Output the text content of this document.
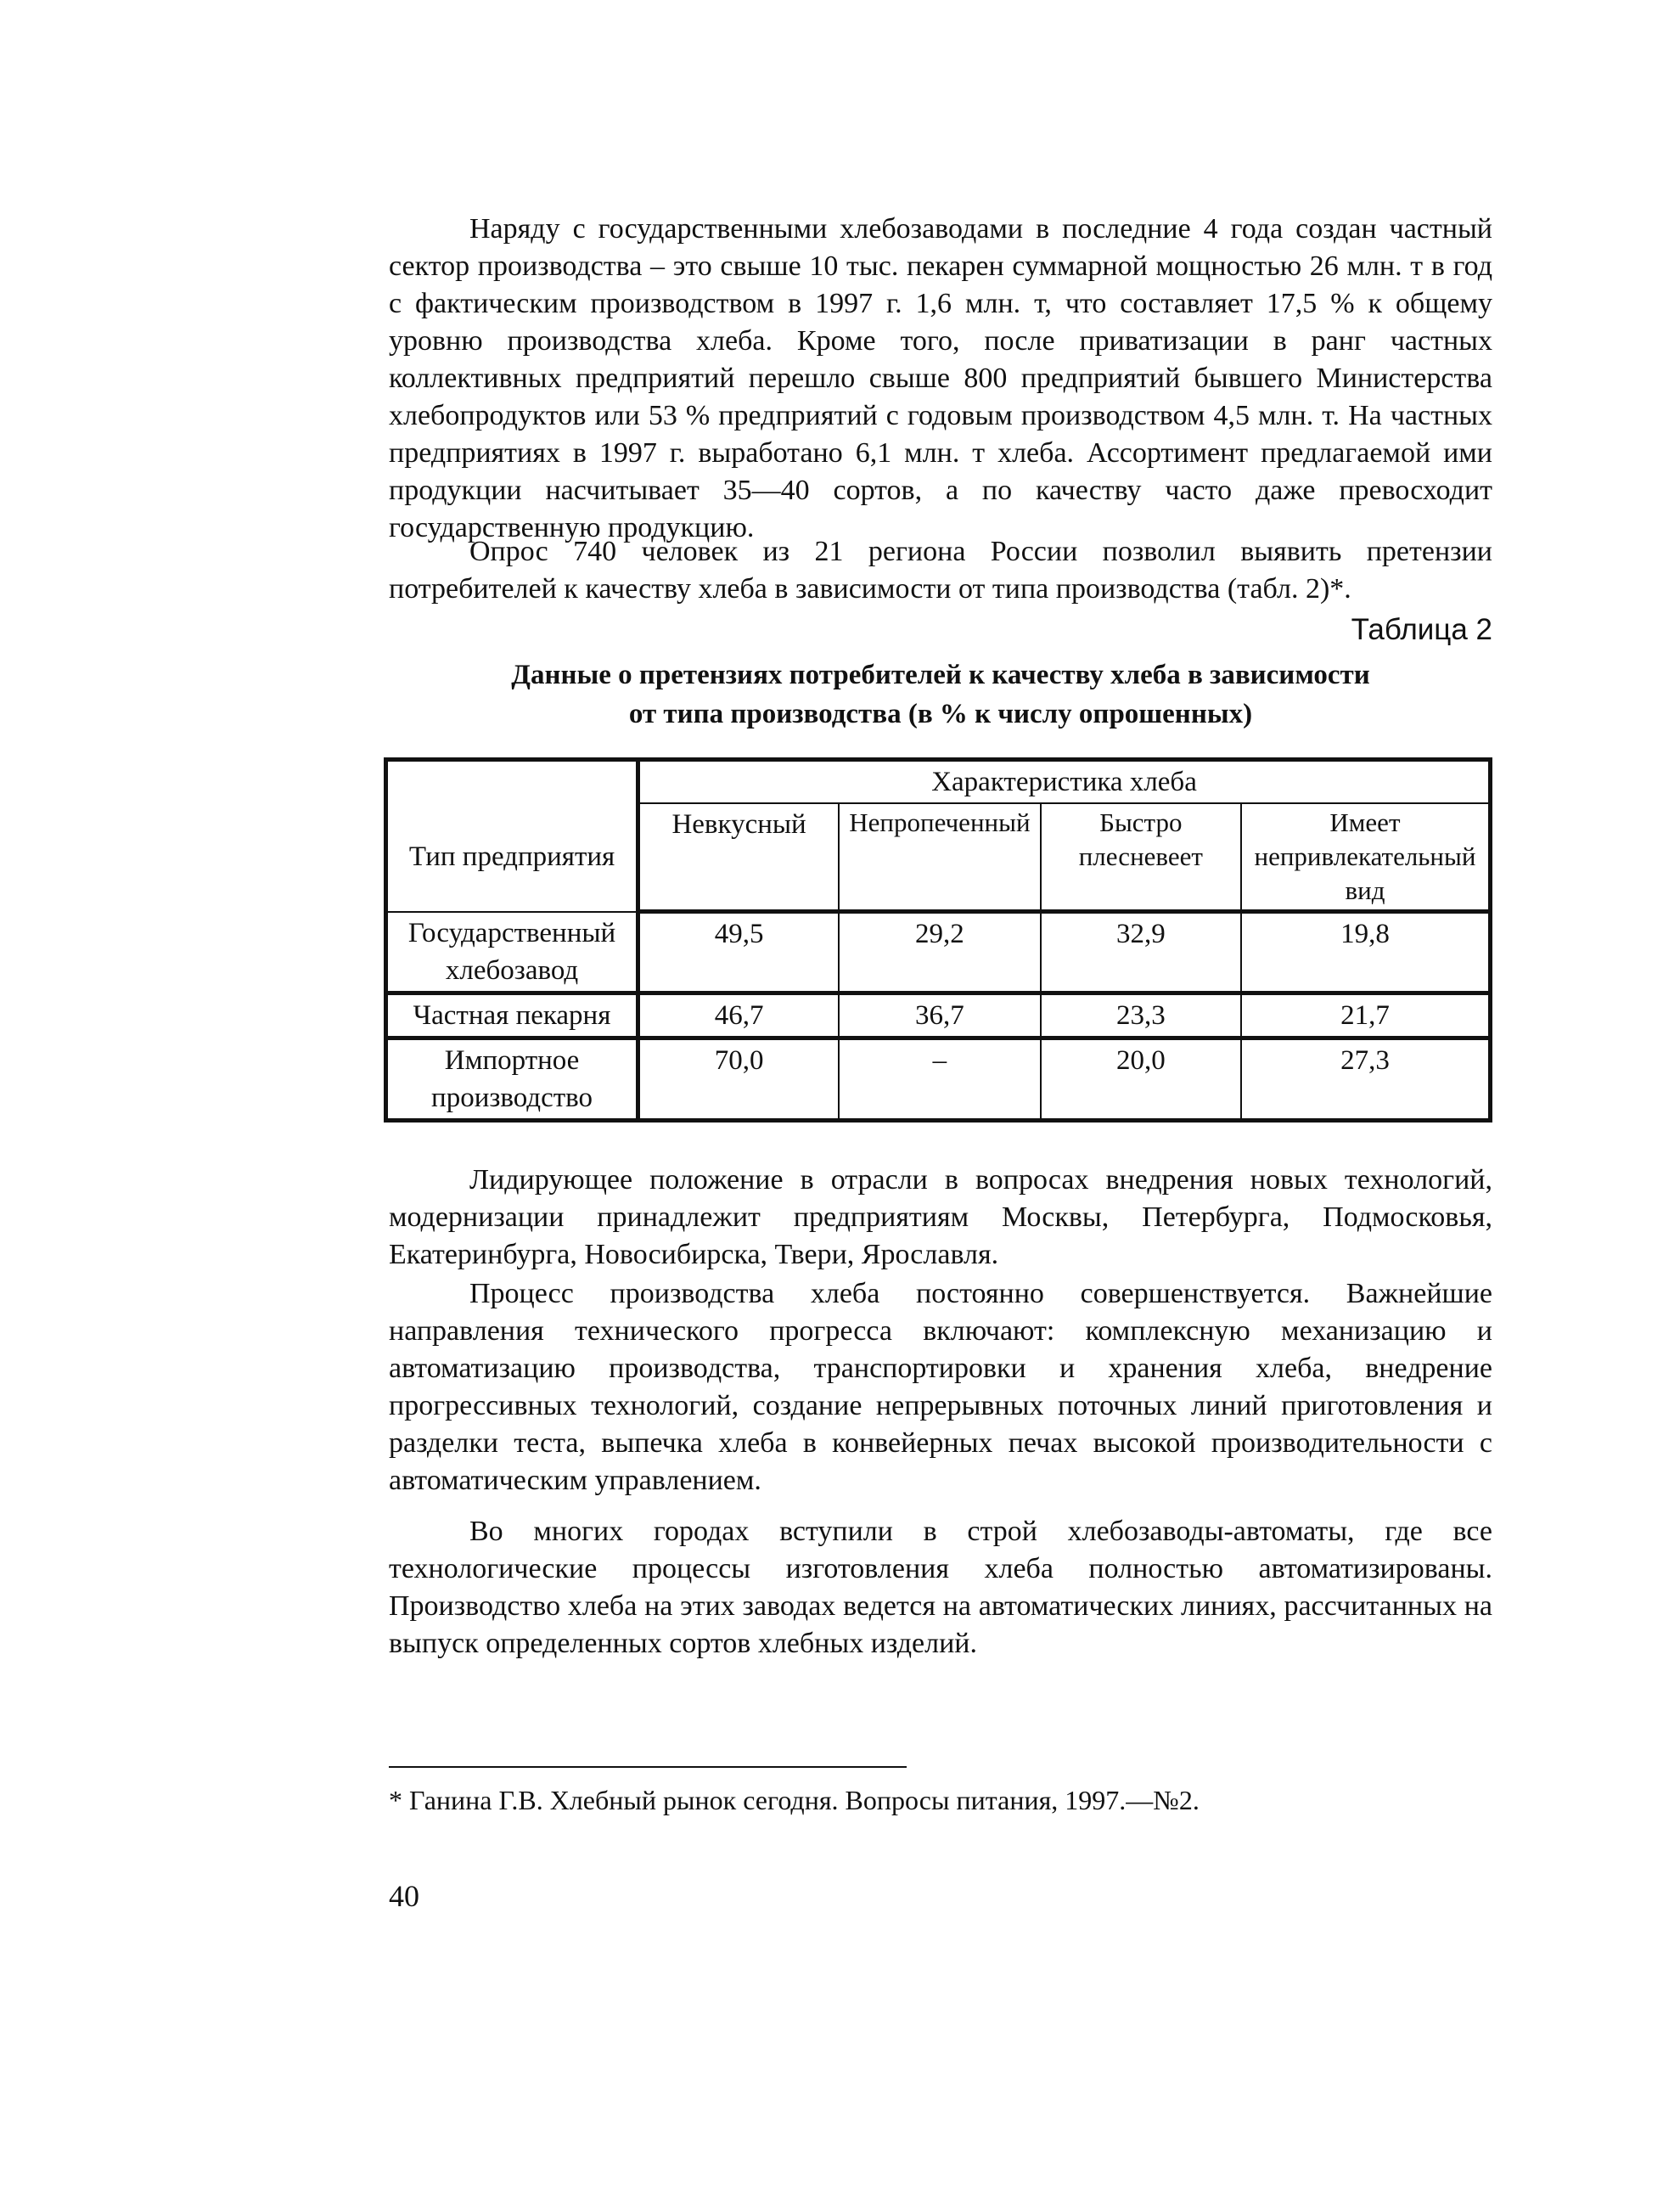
Наряду с государственными хлебозаводами в последние 4 года создан частный сектор производства – это свыше 10 тыс. пекарен суммарной мощностью 26 млн. т в год с фактическим производством в 1997 г. 1,6 млн. т, что составляет 17,5 % к общему уровню производства хлеба. Кроме того, после приватизации в ранг частных коллективных предприятий перешло свыше 800 предприятий бывшего Министерства хлебопродуктов или 53 % предприятий с годовым производством 4,5 млн. т. На частных предприятиях в 1997 г. выработано 6,1 млн. т хлеба. Ассортимент предлагаемой ими продукции насчитывает 35—40 сортов, а по качеству часто даже превосходит государственную продукцию.

Опрос 740 человек из 21 региона России позволил выявить претензии потребителей к качеству хлеба в зависимости от типа производства (табл. 2)*.

Таблица 2
Данные о претензиях потребителей к качеству хлеба в зависимости
от типа производства (в % к числу опрошенных)
Тип предприятия	Характеристика хлеба			
	Невкусный	Непропеченный	Быстро плесневеет	Имеет непривлекательный вид
Государственный хлебозавод	49,5	29,2	32,9	19,8
Частная пекарня	46,7	36,7	23,3	21,7
Импортное производство	70,0	–	20,0	27,3

Лидирующее положение в отрасли в вопросах внедрения новых технологий, модернизации принадлежит предприятиям Москвы, Петербурга, Подмосковья, Екатеринбурга, Новосибирска, Твери, Ярославля.

Процесс производства хлеба постоянно совершенствуется. Важнейшие направления технического прогресса включают: комплексную механизацию и автоматизацию производства, транспортировки и хранения хлеба, внедрение прогрессивных технологий, создание непрерывных поточных линий приготовления и разделки теста, выпечка хлеба в конвейерных печах высокой производительности с автоматическим управлением.

Во многих городах вступили в строй хлебозаводы-автоматы, где все технологические процессы изготовления хлеба полностью автоматизированы. Производство хлеба на этих заводах ведется на автоматических линиях, рассчитанных на выпуск определенных сортов хлебных изделий.

* Ганина Г.В. Хлебный рынок сегодня. Вопросы питания, 1997.—№2.
40
